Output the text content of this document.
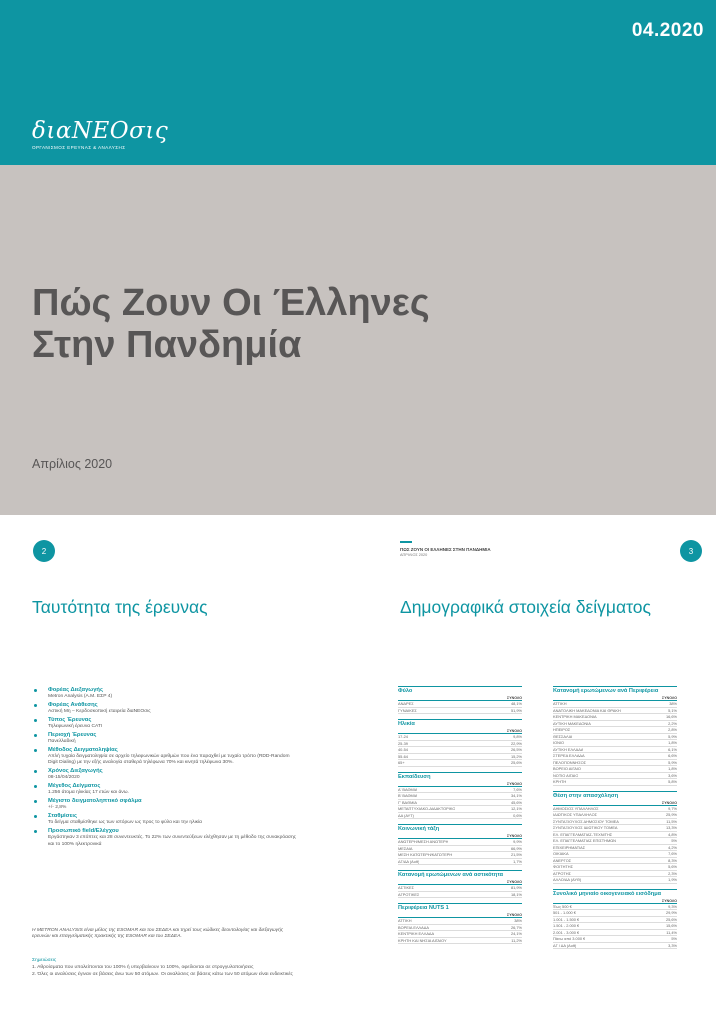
04.2020
διαΝΕΟσις
ΟΡΓΑΝΙΣΜΟΣ ΕΡΕΥΝΑΣ & ΑΝΑΛΥΣΗΣ
Πώς Ζουν Οι Έλληνες
Στην Πανδημία
Απρίλιος 2020
2
Ταυτότητα της έρευνας
Φορέας Διεξαγωγής
Metron Analysis (Α.Μ. ΕΣΡ 4)
Φορέας Ανάθεσης
Αστική Μη – Κερδοσκοπική εταιρεία διαΝΕΟσις
Τύπος Έρευνας
Τηλεφωνική έρευνα CATI
Περιοχή Έρευνας
Πανελλαδική
Μέθοδος Δειγματοληψίας
Απλή τυχαία δειγματοληψία σε αρχείο τηλεφωνικών αριθμών που ένα παραχθεί με τυχαίο τρόπο (RDD-Random Digit Dialing) με την εξής αναλογία σταθερά τηλέφωνα 70% και κινητά τηλέφωνα 30%.
Χρόνος Διεξαγωγής
08-15/04/2020
Μέγεθος Δείγματος
1.256 άτομα ηλικίας 17 ετών και άνω.
Μέγιστο δειγματοληπτικό σφάλμα
+/- 2,8%
Σταθμίσεις
Το δείγμα σταθμίσθηκε ως των ιστόρων ως προς το φύλο και την ηλικία
Προσωπικό field/Ελέγχου
Εργάστηκαν 3 επόπτες και 28 συνεντευκτές. Το 22% των συνεντεύξεων ελέχθησαν με τη μέθοδο της συνακρόασης και το 100% ηλεκτρονικά
Η METRON ANALYSIS είναι μέλος της ESOMAR και του ΣΕΔΕΑ και τηρεί τους κώδικες δεοντολογίας και διεξαγωγής ερευνών και επαγγελματικής πρακτικής της ESOMAR και του ΣΕΔΕΑ.
Σημειώσεις
1. Αθροίσματα που υπολείπονται του 100% ή υπερβαίνουν το 100%, οφείλονται σε στρογγυλοποιήσεις
2. Όλες οι αναλύσεις έγιναν σε βάσεις άνω των 50 ατόμων. Οι αναλύσεις σε βάσεις κάτω των 50 ατόμων είναι ενδεικτικές
ΠΩΣ ΖΟΥΝ ΟΙ ΕΛΛΗΝΕΣ ΣΤΗΝ ΠΑΝΔΗΜΙΑ
ΑΠΡΙΛΙΟΣ 2020	3
Δημογραφικά στοιχεία δείγματος
Φύλο
ΣΥΝΟΛΟ
ΑΝΔΡΕΣ	48,1%
ΓΥΝΑΙΚΕΣ	51,9%
Ηλικία
ΣΥΝΟΛΟ
17-24	9,8%
25-39	22,9%
40-54	26,5%
55-64	15,2%
65+	25,6%
Εκπαίδευση
ΣΥΝΟΛΟ
Α' ΒΑΘΜΙΑ	7,6%
Β' ΒΑΘΜΙΑ	34,1%
Γ' ΒΑΘΜΙΑ	45,6%
ΜΕΤΑΠΤΥΧΙΑΚΟ-ΔΙΔΑΚΤΟΡΙΚΟ	12,1%
ΔΑ (ΑΥΤ)	0,6%
Κοινωνική τάξη
ΣΥΝΟΛΟ
ΑΝΩΤΕΡΗ/ΜΕΣΗ ΑΝΩΤΕΡΗ	9,9%
ΜΕΣΑΙΑ	66,9%
ΜΕΣΗ ΚΑΤΩΤΕΡΗ/ΚΑΤΩΤΕΡΗ	21,5%
ΔΓ/ΔΑ (Αυθ)	1,7%
Κατανομή ερωτώμενων ανά αστικότητα
ΣΥΝΟΛΟ
ΑΣΤΙΚΕΣ	81,9%
ΑΓΡΟΤΙΚΕΣ	18,1%
Περιφέρεια NUTS 1
ΣΥΝΟΛΟ
ΑΤΤΙΚΗ	38%
ΒΟΡΕΙΑ ΕΛΛΑΔΑ	26,7%
ΚΕΝΤΡΙΚΗ ΕΛΛΑΔΑ	24,1%
ΚΡΗΤΗ ΚΑΙ ΝΗΣΙΑ ΑΙΓΑΙΟΥ	11,2%
Κατανομή ερωτώμενων ανά Περιφέρεια
ΣΥΝΟΛΟ
ΑΤΤΙΚΗ	38%
ΑΝΑΤΟΛΙΚΗ ΜΑΚΕΔΟΝΙΑ ΚΑΙ ΘΡΑΚΗ	5,1%
ΚΕΝΤΡΙΚΗ ΜΑΚΕΔΟΝΙΑ	16,6%
ΔΥΤΙΚΗ ΜΑΚΕΔΟΝΙΑ	2,2%
ΗΠΕΙΡΟΣ	2,8%
ΘΕΣΣΑΛΙΑ	5,9%
ΙΟΝΙΟ	1,8%
ΔΥΤΙΚΗ ΕΛΛΑΔΑ	6,1%
ΣΤΕΡΕΑ ΕΛΛΑΔΑ	6,6%
ΠΕΛΟΠΟΝΝΗΣΟΣ	5,9%
ΒΟΡΕΙΟ ΑΙΓΑΙΟ	1,8%
ΝΟΤΙΟ ΑΙΓΑΙΟ	3,6%
ΚΡΗΤΗ	5,8%
Θέση στην απασχόληση
ΣΥΝΟΛΟ
ΔΗΜΟΣΙΟΣ ΥΠΑΛΛΗΛΟΣ	9,7%
ΙΔΙΩΤΙΚΟΣ ΥΠΑΛΛΗΛΟΣ	25,9%
ΣΥΝΤΑΞΙΟΥΧΟΣ ΔΗΜΟΣΙΟΥ ΤΟΜΕΑ	11,5%
ΣΥΝΤΑΞΙΟΥΧΟΣ ΙΔΙΩΤΙΚΟΥ ΤΟΜΕΑ	13,3%
ΕΛ. ΕΠΑΓΓΕΛΜΑΤΙΑΣ-ΤΕΧΝΙΤΗΣ	4,8%
ΕΛ. ΕΠΑΓΓΕΛΜΑΤΙΑΣ ΕΠΙΣΤΗΜΩΝ	5%
ΕΠΙΧΕΙΡΗΜΑΤΙΑΣ	4,2%
ΟΙΚΙΑΚΑ	7,6%
ΑΝΕΡΓΟΣ	8,3%
ΦΟΙΤΗΤΗΣ	5,6%
ΑΓΡΟΤΗΣ	2,3%
ΑΛΛΟ/ΔΑ (ΑΥΘ)	1,9%
Συνολικό μηνιαίο οικογενειακό εισόδημα
ΣΥΝΟΛΟ
Έως 500 €	9,3%
501 - 1.000 €	29,9%
1.001 - 1.500 €	25,6%
1.501 - 2.000 €	15,6%
2.001 - 3.000 €	11,4%
Πάνω από 3.000 €	5%
ΔΓ / ΔΑ (Αυθ)	3,3%
